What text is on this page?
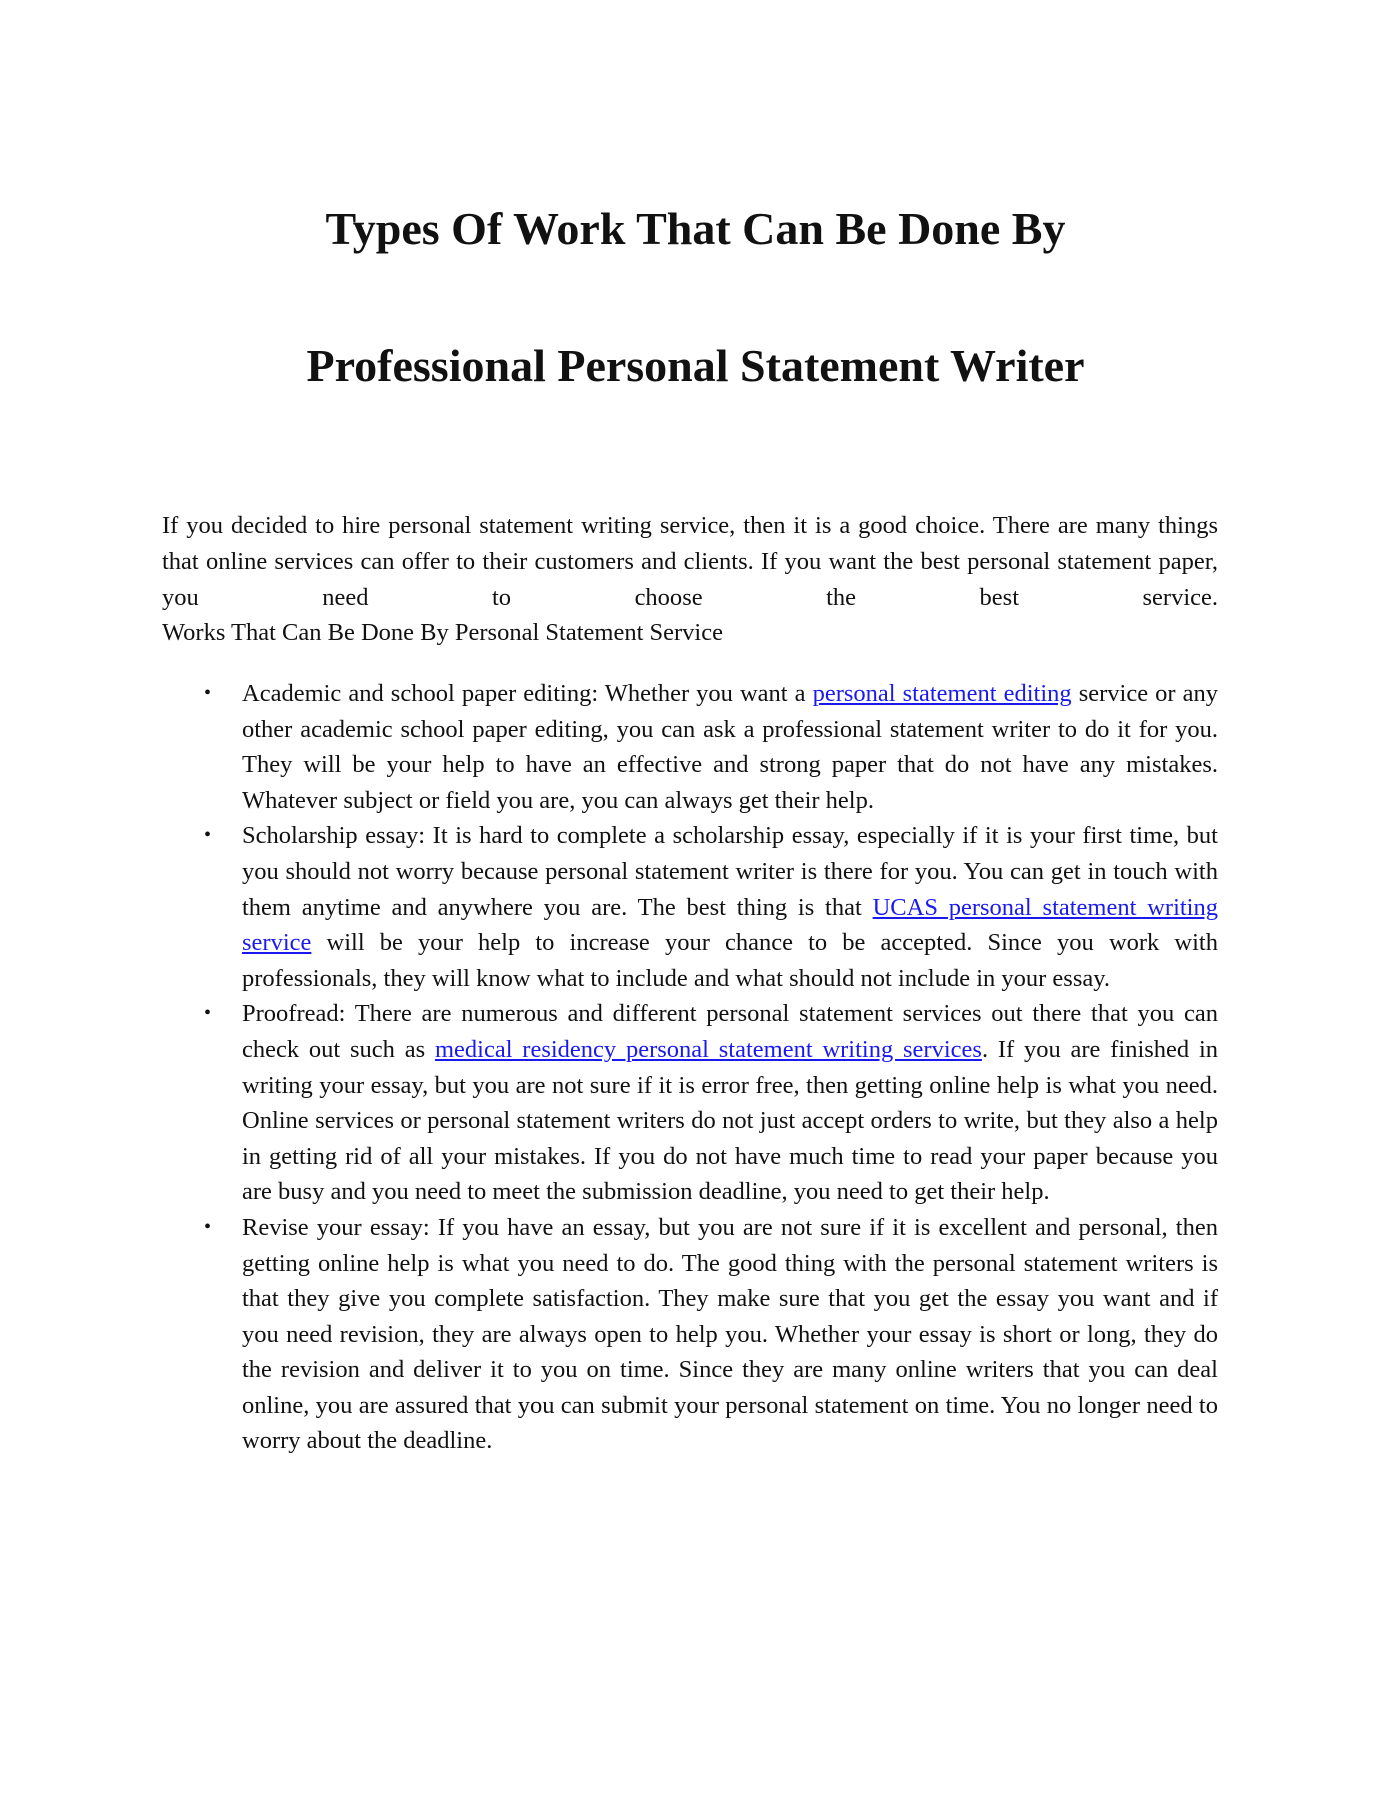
Types Of Work That Can Be Done By
Professional Personal Statement Writer
If you decided to hire personal statement writing service, then it is a good choice. There are many things that online services can offer to their customers and clients. If you want the best personal statement paper, you need to choose the best service.
Works That Can Be Done By Personal Statement Service
• Academic and school paper editing: Whether you want a personal statement editing service or any other academic school paper editing, you can ask a professional statement writer to do it for you. They will be your help to have an effective and strong paper that do not have any mistakes. Whatever subject or field you are, you can always get their help.
• Scholarship essay: It is hard to complete a scholarship essay, especially if it is your first time, but you should not worry because personal statement writer is there for you. You can get in touch with them anytime and anywhere you are. The best thing is that UCAS personal statement writing service will be your help to increase your chance to be accepted. Since you work with professionals, they will know what to include and what should not include in your essay.
• Proofread: There are numerous and different personal statement services out there that you can check out such as medical residency personal statement writing services. If you are finished in writing your essay, but you are not sure if it is error free, then getting online help is what you need. Online services or personal statement writers do not just accept orders to write, but they also a help in getting rid of all your mistakes. If you do not have much time to read your paper because you are busy and you need to meet the submission deadline, you need to get their help.
• Revise your essay: If you have an essay, but you are not sure if it is excellent and personal, then getting online help is what you need to do. The good thing with the personal statement writers is that they give you complete satisfaction. They make sure that you get the essay you want and if you need revision, they are always open to help you. Whether your essay is short or long, they do the revision and deliver it to you on time. Since they are many online writers that you can deal online, you are assured that you can submit your personal statement on time. You no longer need to worry about the deadline.
